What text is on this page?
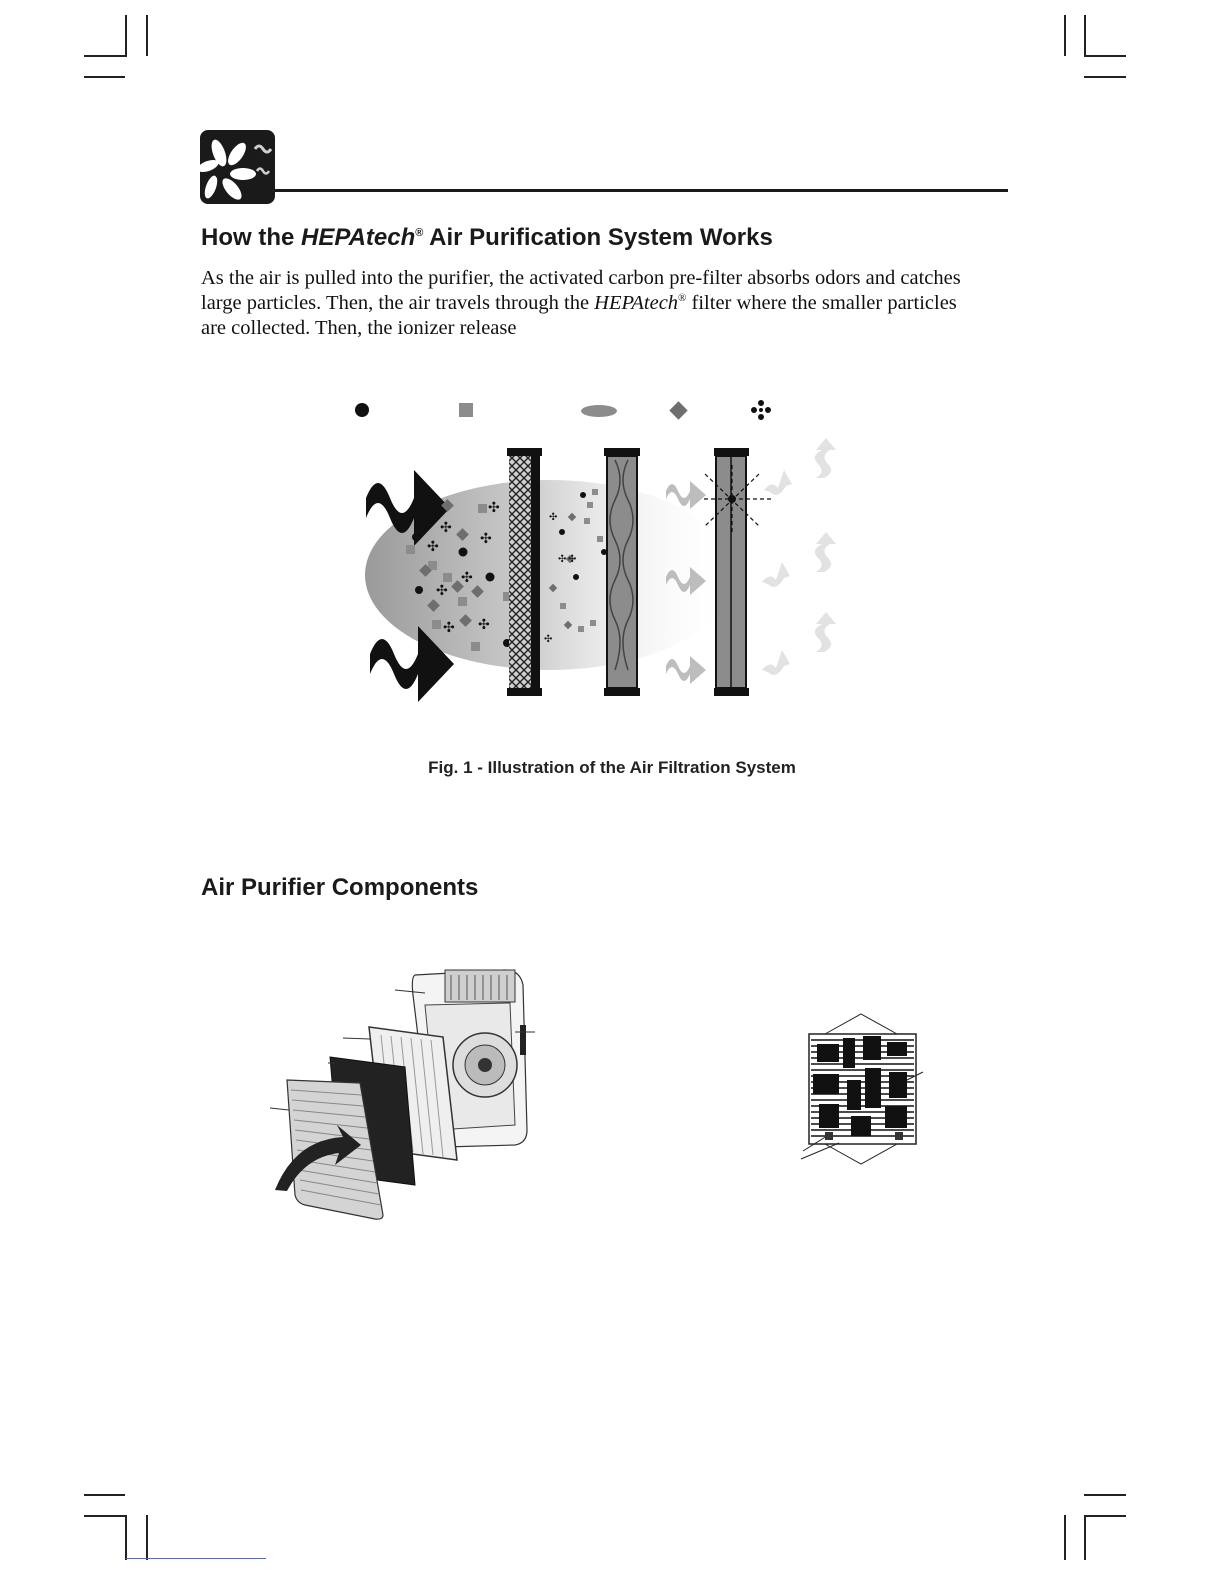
How the HEPAtech® Air Purification System Works
As the air is pulled into the purifier, the activated carbon pre-filter absorbs odors and catches
large particles. Then, the air travels through the HEPAtech® filter where the smaller particles
are collected. Then, the ionizer release
✣
✣
✣	✣
✣
✣
✣ ✣
✣
✣ ✣
✣
Fig. 1 - Illustration of the Air Filtration System
Air Purifier Components
